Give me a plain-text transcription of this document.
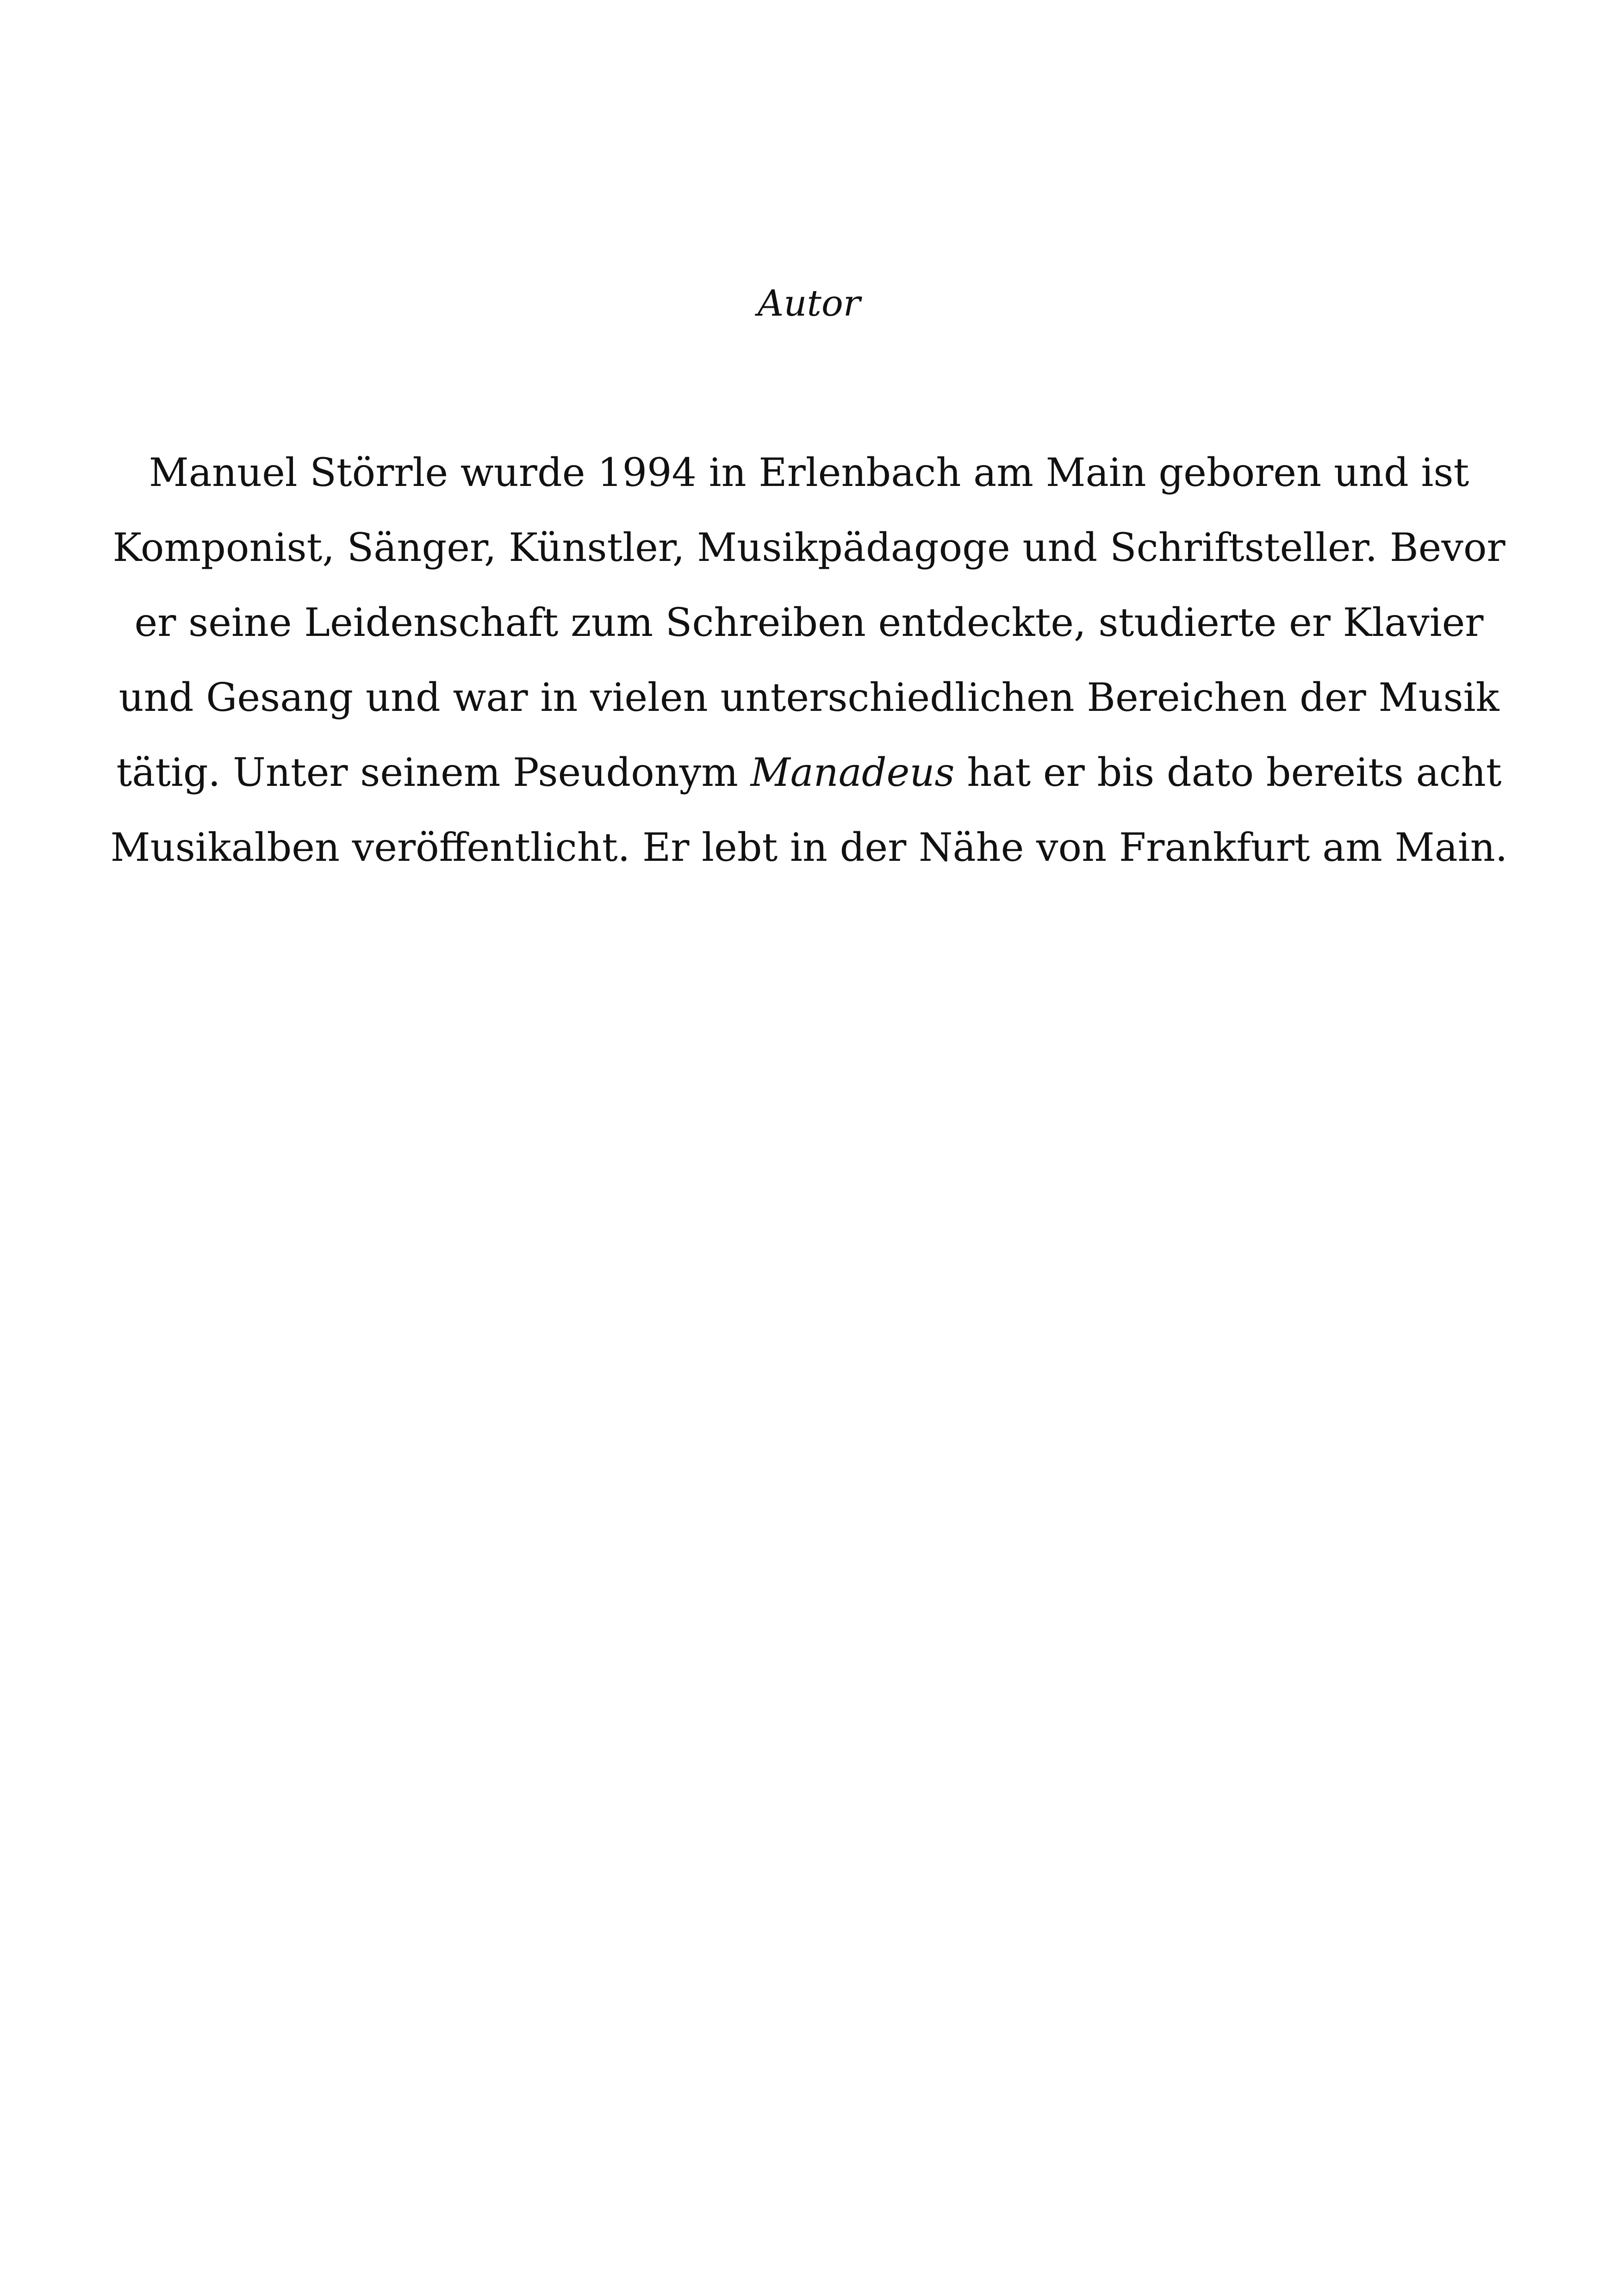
Autor
Manuel Störrle wurde 1994 in Erlenbach am Main geboren und ist
Komponist, Sänger, Künstler, Musikpädagoge und Schriftsteller. Bevor
er seine Leidenschaft zum Schreiben entdeckte, studierte er Klavier
und Gesang und war in vielen unterschiedlichen Bereichen der Musik
tätig. Unter seinem Pseudonym Manadeus hat er bis dato bereits acht
Musikalben veröffentlicht. Er lebt in der Nähe von Frankfurt am Main.
